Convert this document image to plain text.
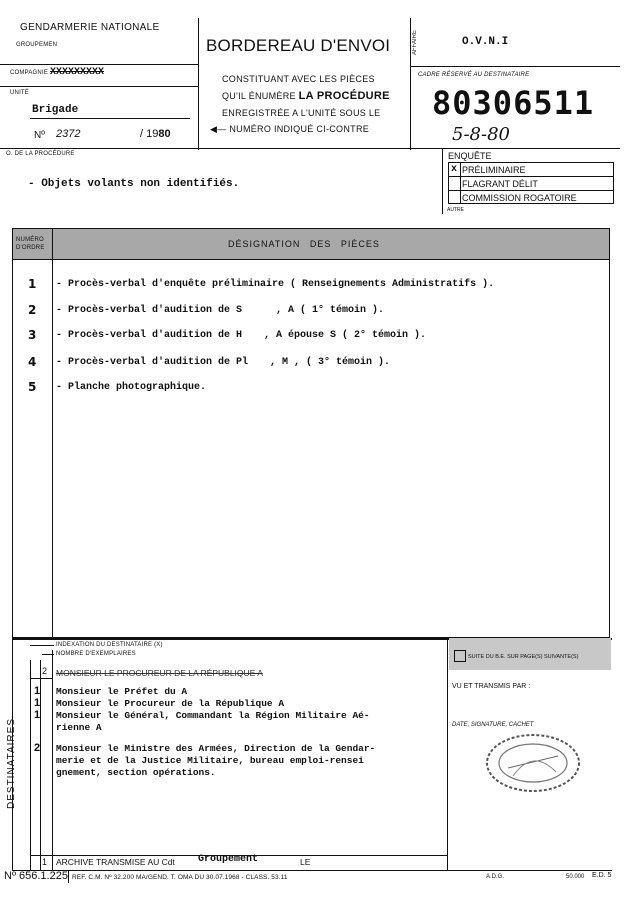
GENDARMERIE NATIONALE
GROUPEMEN
COMPAGNIE XXXXXXXXX
UNITÉ
Brigade
Nº 2372	/ 1980
O. DE LA PROCÉDURE
BORDEREAU D'ENVOI
CONSTITUANT AVEC LES PIÈCES
QU'IL ÉNUMÈRE LA PROCÉDURE
ENREGISTRÉE A L'UNITÉ SOUS LE
◀— NUMÉRO INDIQUÉ CI-CONTRE
AFFAIRE	O.V.N.I
CADRE RÉSERVÉ AU DESTINATAIRE
80306511
5-8-80
ENQUÊTE
x PRÉLIMINAIRE
FLAGRANT DÉLIT
COMMISSION ROGATOIRE
AUTRE
- Objets volants non identifiés.
NUMÉRO D'ORDRE	DÉSIGNATION DES PIÈCES
1 - Procès-verbal d'enquête préliminaire ( Renseignements Administratifs ).
2 - Procès-verbal d'audition de S	, A ( 1° témoin ).
3 - Procès-verbal d'audition de H , A épouse S ( 2° témoin ).
4 - Procès-verbal d'audition de Pl , M , ( 3° témoin ).
5 - Planche photographique.
INDEXATION DU DESTINATAIRE (X)
NOMBRE D'EXEMPLAIRES
DESTINATAIRES
2 MONSIEUR LE PROCUREUR DE LA RÉPUBLIQUE A
1 Monsieur le Préfet du A
1 Monsieur le Procureur de la République A
1 Monsieur le Général, Commandant la Région Militaire Aé-
rienne A
2 Monsieur le Ministre des Armées, Direction de la Gendar-
merie et de la Justice Militaire, bureau emploi-rensei
gnement, section opérations.
1 ARCHIVE TRANSMISE AU Cdt Groupement	LE
SUITE DU B.E. SUR PAGE(S) SUIVANTE(S)
VU ET TRANSMIS PAR :
DATE, SIGNATURE, CACHET
Nº 656.1.225 REF. C.M. Nº 32.200 MA/GEND. T. OMA DU 30.07.1968 - CLASS. 53.11	A.D.G.	50.000 E.D. 5
